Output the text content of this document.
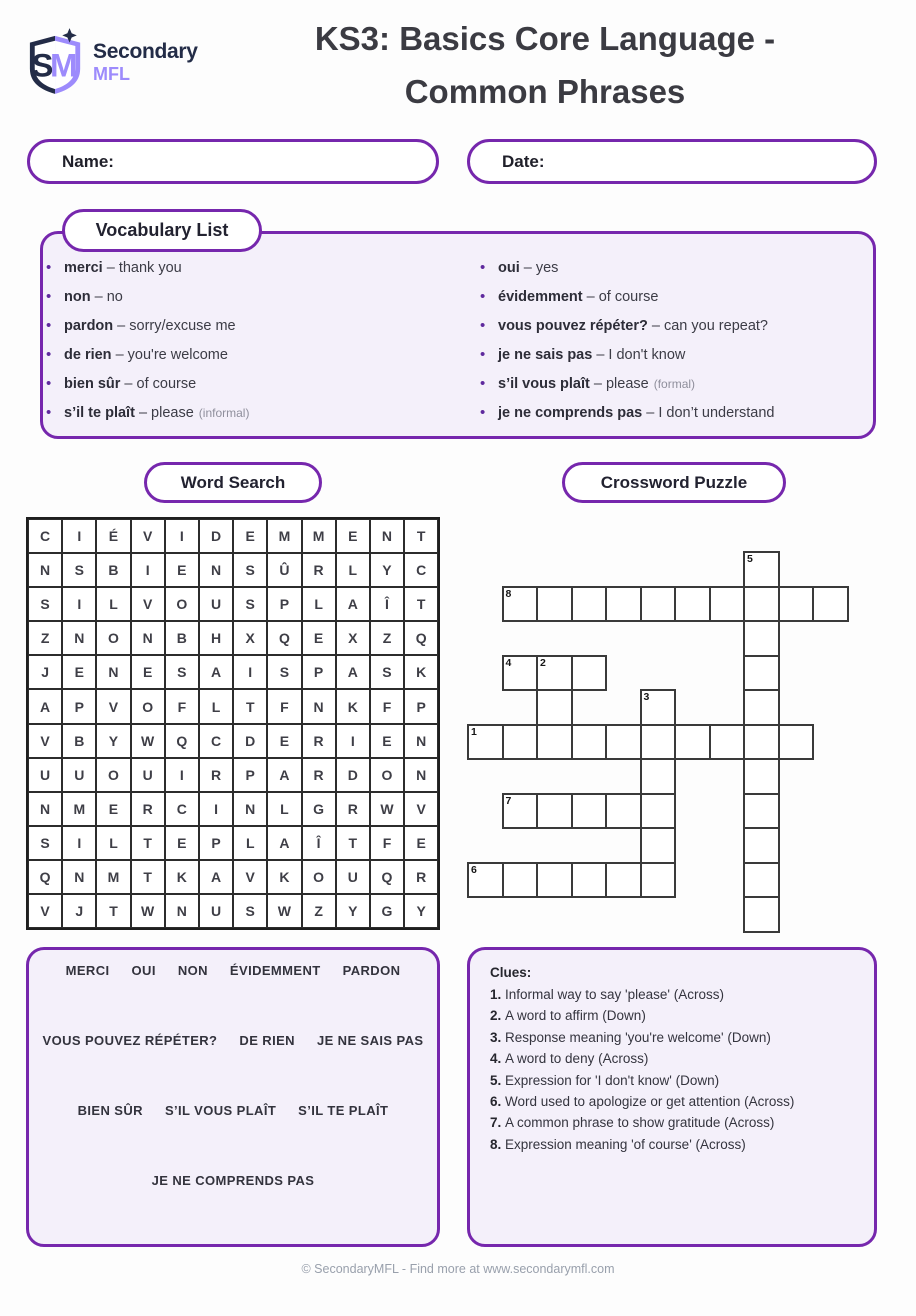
S
M Secondary
MFL
KS3: Basics Core Language -
Common Phrases
Name:	Date:
Vocabulary List
• merci – thank you
• non – no
• pardon – sorry/excuse me
• de rien – you're welcome
• bien sûr – of course
• s’il te plaît – please (informal)
• oui – yes
• évidemment – of course
• vous pouvez répéter? – can you repeat?
• je ne sais pas – I don't know
• s’il vous plaît – please (formal)
• je ne comprends pas – I don’t understand
Word Search	Crossword Puzzle
C	I	É	V	I	D	E	M	M	E	N	T
N	S	B	I	E	N	S	Û	R	L	Y	C
S	I	L	V	O	U	S	P	L	A	Î	T
Z	N	O	N	B	H	X	Q	E	X	Z	Q
J	E	N	E	S	A	I	S	P	A	S	K
A	P	V	O	F	L	T	F	N	K	F	P
V	B	Y	W	Q	C	D	E	R	I	E	N
U	U	O	U	I	R	P	A	R	D	O	N
N	M	E	R	C	I	N	L	G	R	W	V
S	I	L	T	E	P	L	A	Î	T	F	E
Q	N	M	T	K	A	V	K	O	U	Q	R
V	J	T	W	N	U	S	W	Z	Y	G	Y
5
8
4	2
3
1
7
6
MERCI OUI NON ÉVIDEMMENT PARDON
VOUS POUVEZ RÉPÉTER? DE RIEN JE NE SAIS PAS
BIEN SÛR S’IL VOUS PLAÎT S’IL TE PLAÎT
JE NE COMPRENDS PAS
Clues:
1. Informal way to say 'please' (Across)
2. A word to affirm (Down)
3. Response meaning 'you're welcome' (Down)
4. A word to deny (Across)
5. Expression for 'I don't know' (Down)
6. Word used to apologize or get attention (Across)
7. A common phrase to show gratitude (Across)
8. Expression meaning 'of course' (Across)
© SecondaryMFL - Find more at www.secondarymfl.com
